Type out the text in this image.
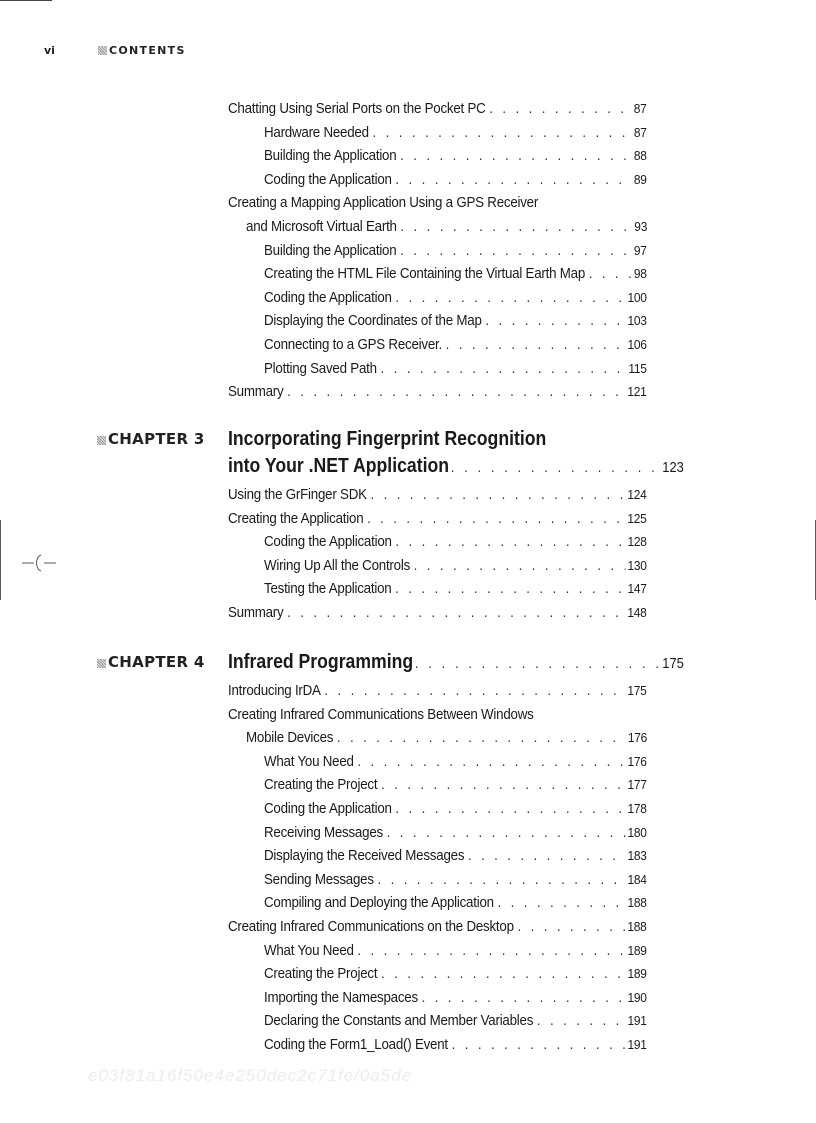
vi	CONTENTS
Chatting Using Serial Ports on the Pocket PC . . .	87
Hardware Needed . . .	87
Building the Application . . .	88
Coding the Application . . .	89
Creating a Mapping Application Using a GPS Receiver
and Microsoft Virtual Earth . . .	93
Building the Application . . .	97
Creating the HTML File Containing the Virtual Earth Map . . .	98
Coding the Application . . .	100
Displaying the Coordinates of the Map . . .	103
Connecting to a GPS Receiver. . . .	106
Plotting Saved Path . . .	115
Summary . . .	121
CHAPTER 3 Incorporating Fingerprint Recognition
into Your .NET Application . . .	123
Using the GrFinger SDK . . .	124
Creating the Application . . .	125
Coding the Application . . .	128
Wiring Up All the Controls . . .	130
Testing the Application . . .	147
Summary . . .	148
CHAPTER 4 Infrared Programming . . .	175
Introducing IrDA . . .	175
Creating Infrared Communications Between Windows
Mobile Devices . . .	176
What You Need . . .	176
Creating the Project . . .	177
Coding the Application . . .	178
Receiving Messages . . .	180
Displaying the Received Messages . . .	183
Sending Messages . . .	184
Compiling and Deploying the Application . . .	188
Creating Infrared Communications on the Desktop . . .	188
What You Need . . .	189
Creating the Project . . .	189
Importing the Namespaces . . .	190
Declaring the Constants and Member Variables . . .	191
Coding the Form1_Load() Event . . .	191
e03f81a16f50e4e250dec2c71fe/0a5de
